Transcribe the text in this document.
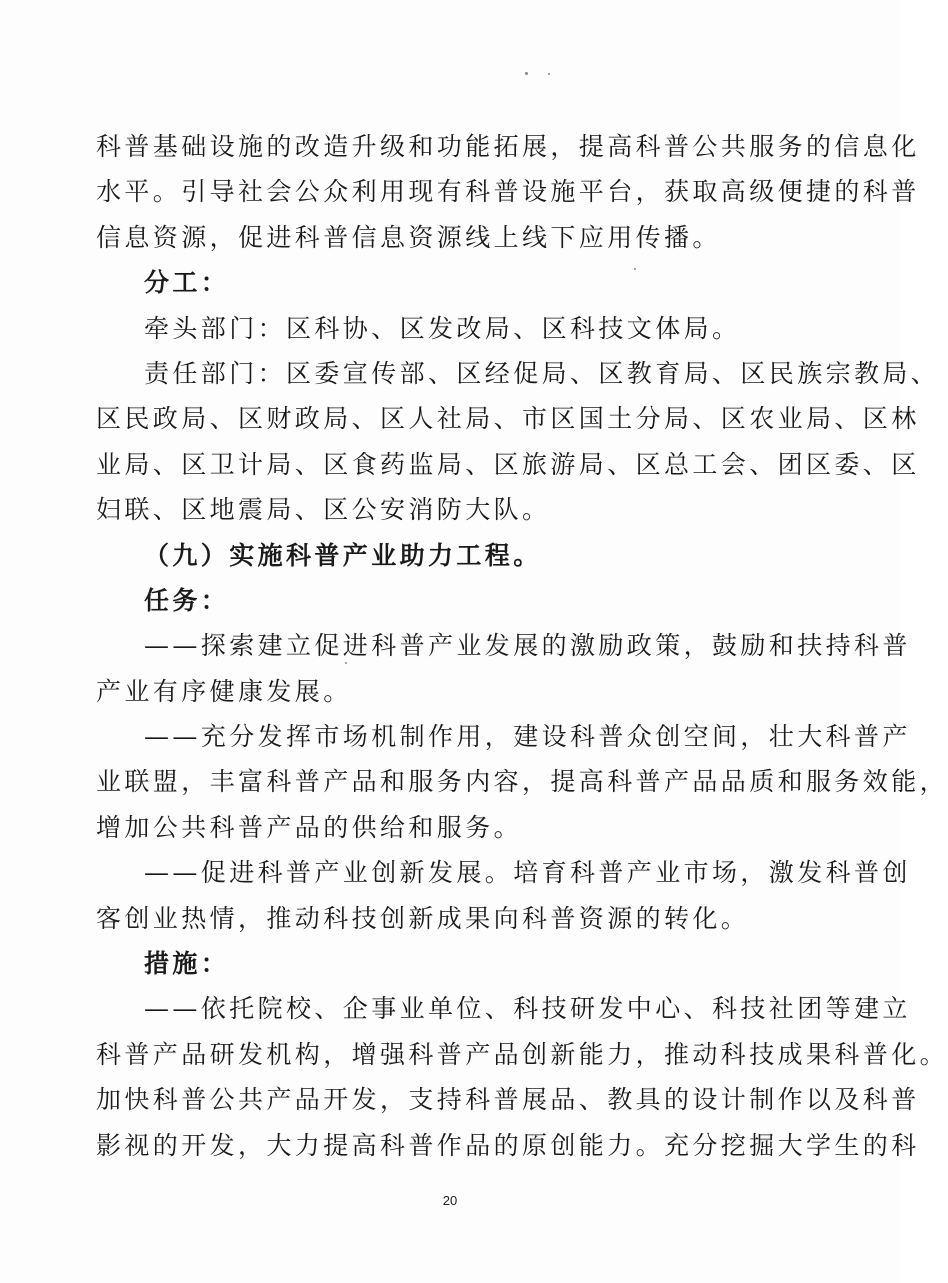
科普基础设施的改造升级和功能拓展，提高科普公共服务的信息化
水平。引导社会公众利用现有科普设施平台，获取高级便捷的科普
信息资源，促进科普信息资源线上线下应用传播。
分工：
牵头部门：区科协、区发改局、区科技文体局。
责任部门：区委宣传部、区经促局、区教育局、区民族宗教局、
区民政局、区财政局、区人社局、市区国土分局、区农业局、区林
业局、区卫计局、区食药监局、区旅游局、区总工会、团区委、区
妇联、区地震局、区公安消防大队。
（九）实施科普产业助力工程。
任务：
——探索建立促进科普产业发展的激励政策，鼓励和扶持科普
产业有序健康发展。
——充分发挥市场机制作用，建设科普众创空间，壮大科普产
业联盟，丰富科普产品和服务内容，提高科普产品品质和服务效能，
增加公共科普产品的供给和服务。
——促进科普产业创新发展。培育科普产业市场，激发科普创
客创业热情，推动科技创新成果向科普资源的转化。
措施：
——依托院校、企事业单位、科技研发中心、科技社团等建立
科普产品研发机构，增强科普产品创新能力，推动科技成果科普化。
加快科普公共产品开发，支持科普展品、教具的设计制作以及科普
影视的开发，大力提高科普作品的原创能力。充分挖掘大学生的科
20
